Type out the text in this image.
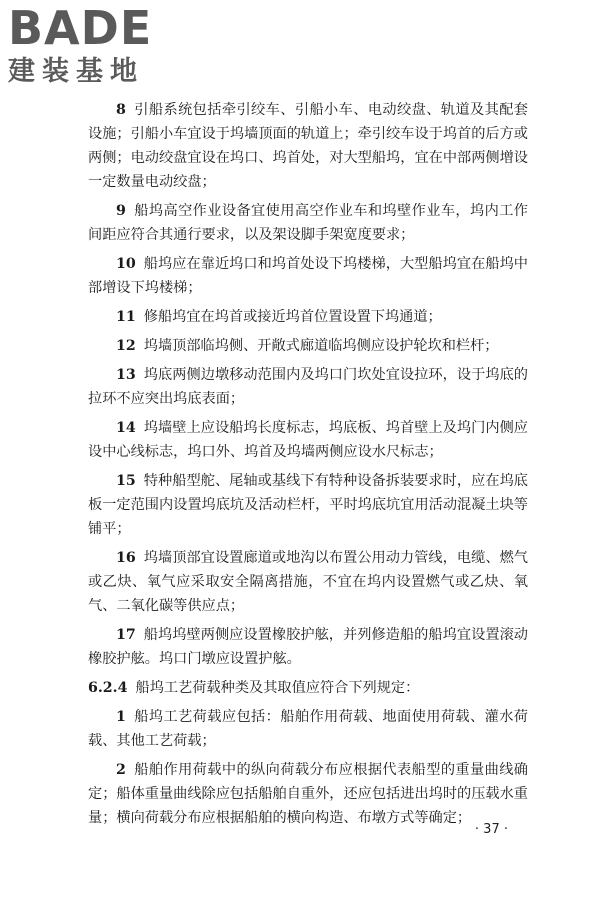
BADE
建装基地

8 引船系统包括牵引绞车、引船小车、电动绞盘、轨道及其配套设施；引船小车宜设于坞墙顶面的轨道上；牵引绞车设于坞首的后方或两侧；电动绞盘宜设在坞口、坞首处，对大型船坞，宜在中部两侧增设一定数量电动绞盘；

9 船坞高空作业设备宜使用高空作业车和坞壁作业车，坞内工作间距应符合其通行要求，以及架设脚手架宽度要求；

10 船坞应在靠近坞口和坞首处设下坞楼梯，大型船坞宜在船坞中部增设下坞楼梯；

11 修船坞宜在坞首或接近坞首位置设置下坞通道；

12 坞墙顶部临坞侧、开敞式廊道临坞侧应设护轮坎和栏杆；

13 坞底两侧边墩移动范围内及坞口门坎处宜设拉环，设于坞底的拉环不应突出坞底表面；

14 坞墙壁上应设船坞长度标志，坞底板、坞首壁上及坞门内侧应设中心线标志，坞口外、坞首及坞墙两侧应设水尺标志；

15 特种船型舵、尾轴或基线下有特种设备拆装要求时，应在坞底板一定范围内设置坞底坑及活动栏杆，平时坞底坑宜用活动混凝土块等铺平；

16 坞墙顶部宜设置廊道或地沟以布置公用动力管线，电缆、燃气或乙炔、氧气应采取安全隔离措施，不宜在坞内设置燃气或乙炔、氧气、二氧化碳等供应点；

17 船坞坞壁两侧应设置橡胶护舷，并列修造船的船坞宜设置滚动橡胶护舷。坞口门墩应设置护舷。

6.2.4 船坞工艺荷载种类及其取值应符合下列规定：

1 船坞工艺荷载应包括：船舶作用荷载、地面使用荷载、灌水荷载、其他工艺荷载；

2 船舶作用荷载中的纵向荷载分布应根据代表船型的重量曲线确定；船体重量曲线除应包括船舶自重外，还应包括进出坞时的压载水重量；横向荷载分布应根据船舶的横向构造、布墩方式等确定；

· 37 ·
